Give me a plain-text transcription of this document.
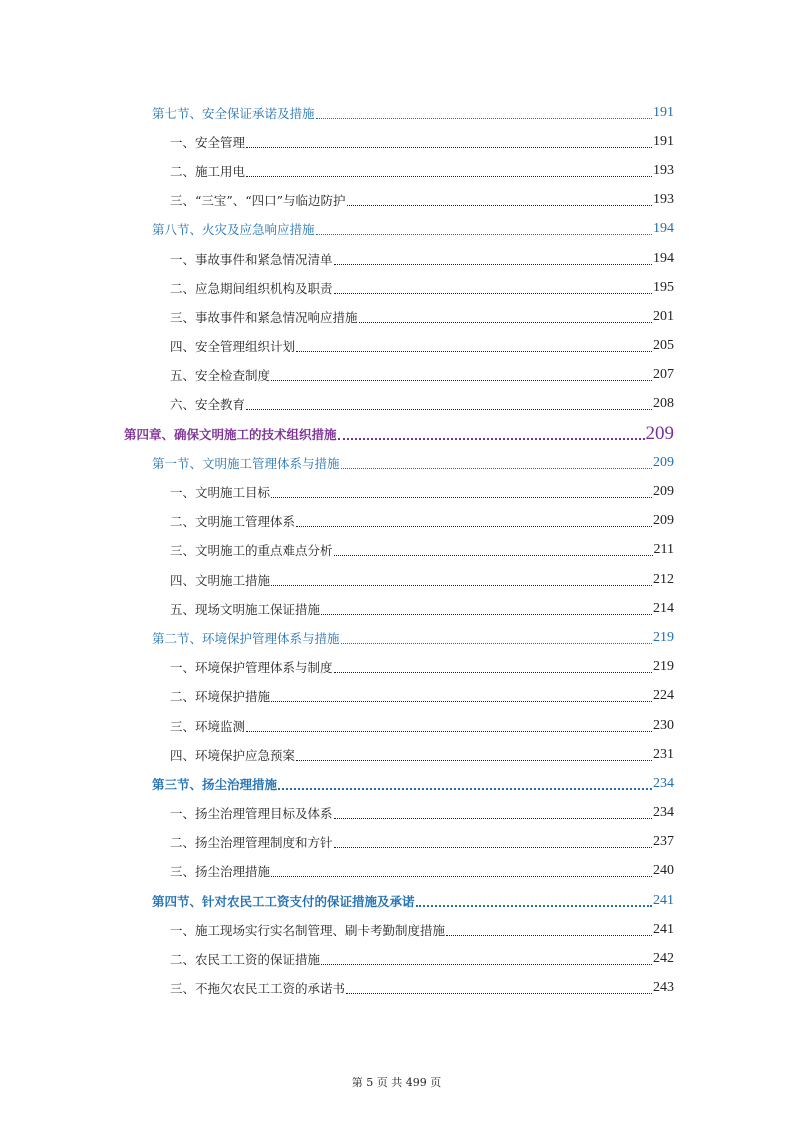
第七节、安全保证承诺及措施	191
一、安全管理	191
二、施工用电	193
三、“三宝”、“四口”与临边防护	193
第八节、火灾及应急响应措施	194
一、事故事件和紧急情况清单	194
二、应急期间组织机构及职责	195
三、事故事件和紧急情况响应措施	201
四、安全管理组织计划	205
五、安全检查制度	207
六、安全教育	208
第四章、确保文明施工的技术组织措施	209
第一节、文明施工管理体系与措施	209
一、文明施工目标	209
二、文明施工管理体系	209
三、文明施工的重点难点分析	211
四、文明施工措施	212
五、现场文明施工保证措施	214
第二节、环境保护管理体系与措施	219
一、环境保护管理体系与制度	219
二、环境保护措施	224
三、环境监测	230
四、环境保护应急预案	231
第三节、扬尘治理措施	234
一、扬尘治理管理目标及体系	234
二、扬尘治理管理制度和方针	237
三、扬尘治理措施	240
第四节、针对农民工工资支付的保证措施及承诺	241
一、施工现场实行实名制管理、刷卡考勤制度措施	241
二、农民工工资的保证措施	242
三、不拖欠农民工工资的承诺书	243
第 5 页 共 499 页
